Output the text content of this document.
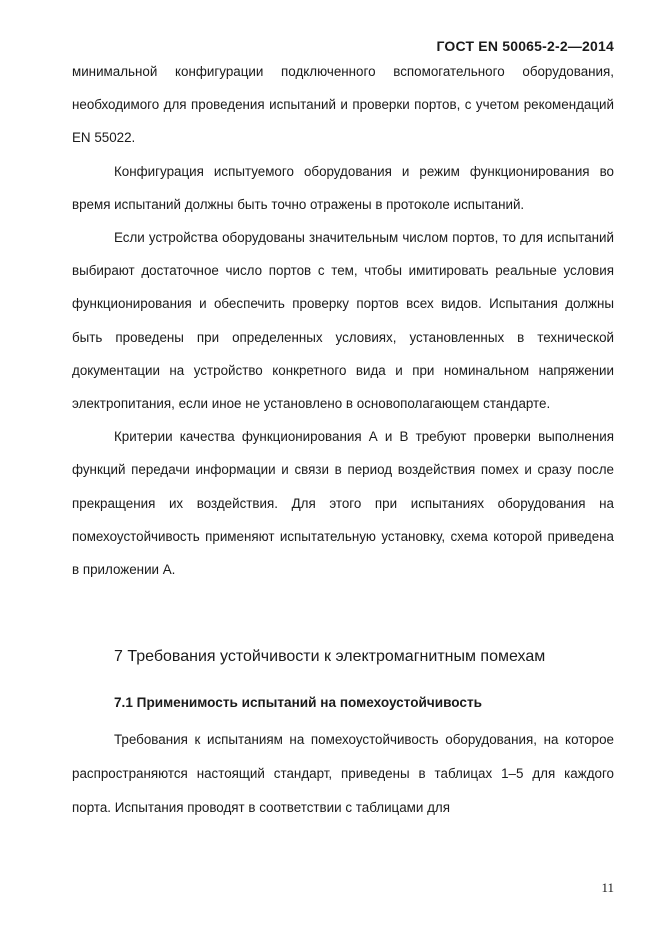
ГОСТ EN 50065-2-2—2014

минимальной конфигурации подключенного вспомогательного оборудования, необходимого для проведения испытаний и проверки портов, с учетом рекомендаций EN 55022.

Конфигурация испытуемого оборудования и режим функционирования во время испытаний должны быть точно отражены в протоколе испытаний.

Если устройства оборудованы значительным числом портов, то для испытаний выбирают достаточное число портов с тем, чтобы имитировать реальные условия функционирования и обеспечить проверку портов всех видов. Испытания должны быть проведены при определенных условиях, установленных в технической документации на устройство конкретного вида и при номинальном напряжении электропитания, если иное не установлено в основополагающем стандарте.

Критерии качества функционирования А и В требуют проверки выполнения функций передачи информации и связи в период воздействия помех и сразу после прекращения их воздействия. Для этого при испытаниях оборудования на помехоустойчивость применяют испытательную установку, схема которой приведена в приложении А.

7 Требования устойчивости к электромагнитным помехам
7.1 Применимость испытаний на помехоустойчивость

Требования к испытаниям на помехоустойчивость оборудования, на которое распространяются настоящий стандарт, приведены в таблицах 1–5 для каждого порта. Испытания проводят в соответствии с таблицами для

11
